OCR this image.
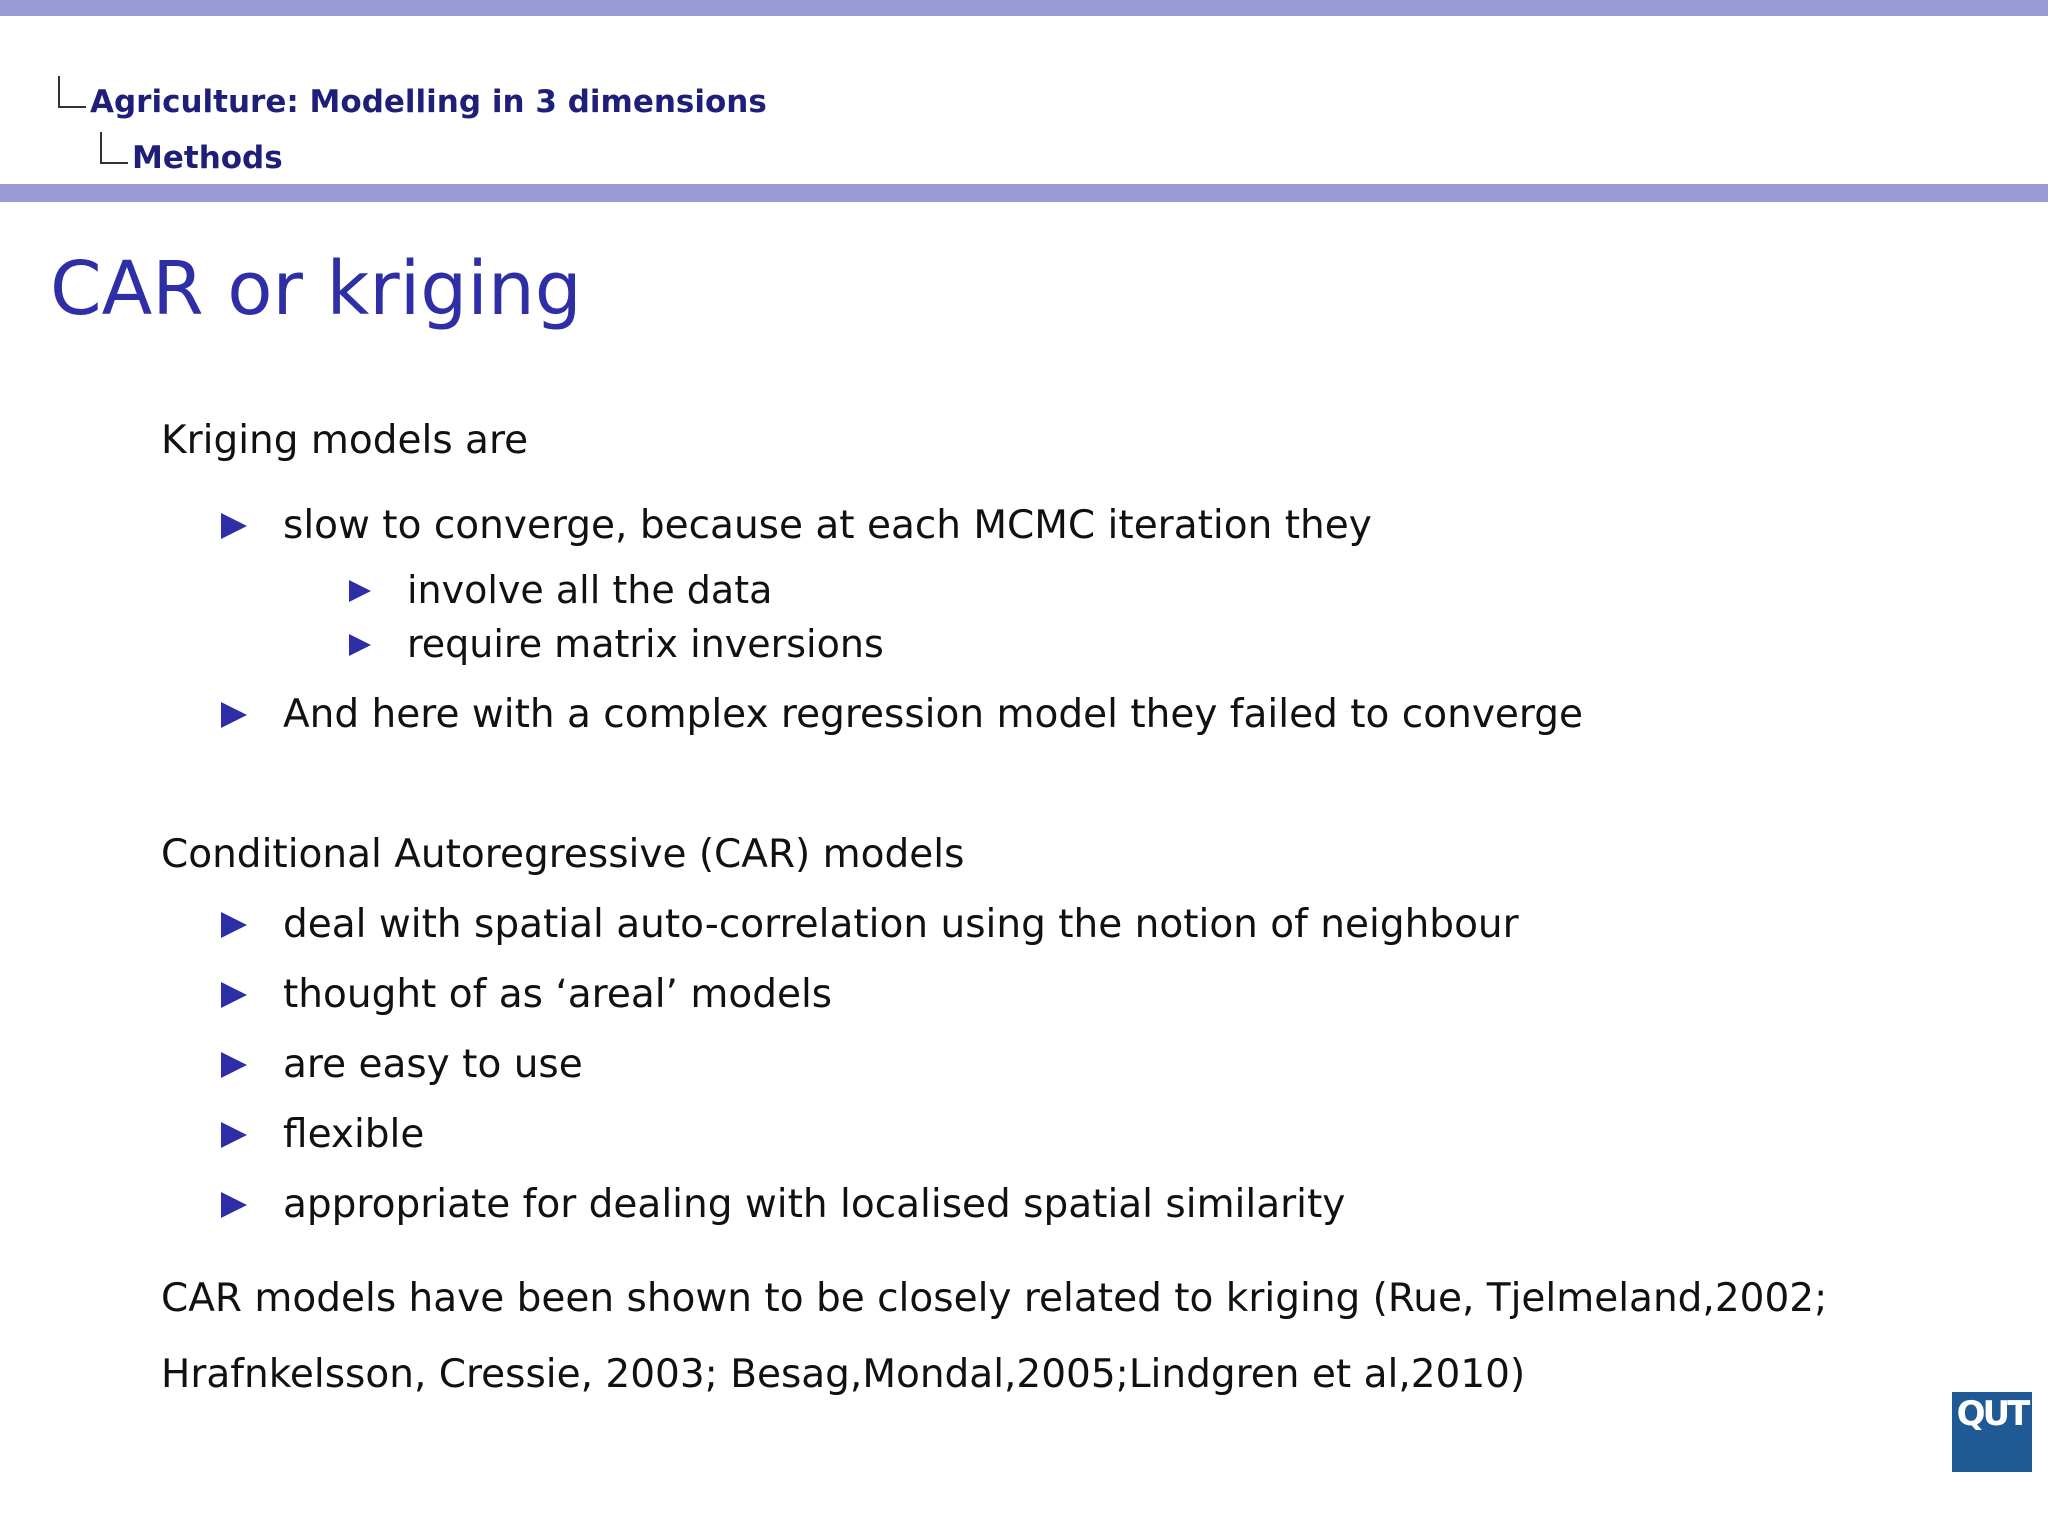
Agriculture: Modelling in 3 dimensions
Methods
CAR or kriging
Kriging models are
slow to converge, because at each MCMC iteration they
involve all the data
require matrix inversions
And here with a complex regression model they failed to converge
Conditional Autoregressive (CAR) models
deal with spatial auto-correlation using the notion of neighbour
thought of as ‘areal’ models
are easy to use
flexible
appropriate for dealing with localised spatial similarity
CAR models have been shown to be closely related to kriging (Rue, Tjelmeland,2002;
Hrafnkelsson, Cressie, 2003; Besag,Mondal,2005;Lindgren et al,2010)
QUT
